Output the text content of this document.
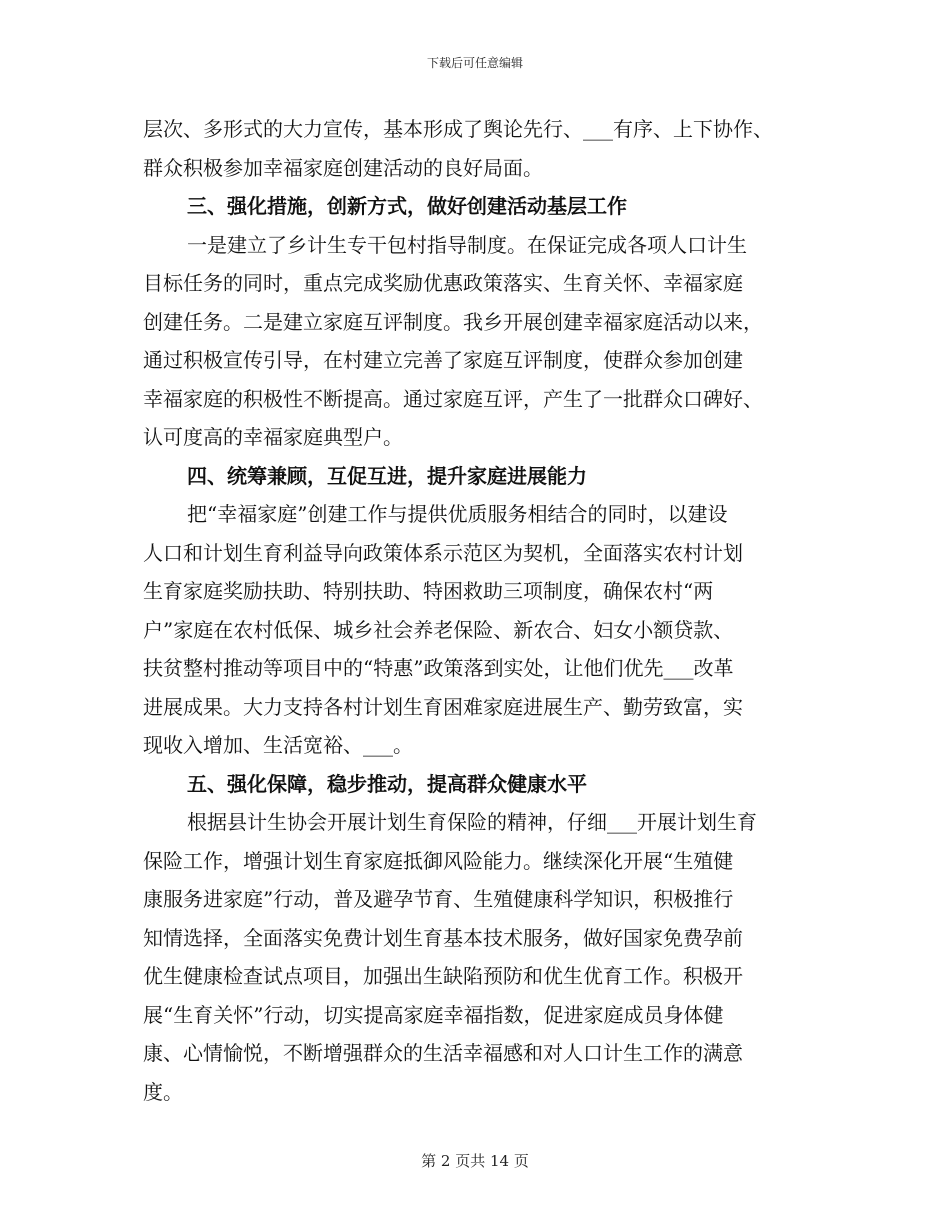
下载后可任意编辑
层次、多形式的大力宣传，基本形成了舆论先行、___有序、上下协作、
群众积极参加幸福家庭创建活动的良好局面。
三、强化措施，创新方式，做好创建活动基层工作
一是建立了乡计生专干包村指导制度。在保证完成各项人口计生
目标任务的同时，重点完成奖励优惠政策落实、生育关怀、幸福家庭
创建任务。二是建立家庭互评制度。我乡开展创建幸福家庭活动以来，
通过积极宣传引导，在村建立完善了家庭互评制度，使群众参加创建
幸福家庭的积极性不断提高。通过家庭互评，产生了一批群众口碑好、
认可度高的幸福家庭典型户。
四、统筹兼顾，互促互进，提升家庭进展能力
把“幸福家庭”创建工作与提供优质服务相结合的同时，以建设
人口和计划生育利益导向政策体系示范区为契机，全面落实农村计划
生育家庭奖励扶助、特别扶助、特困救助三项制度，确保农村“两
户”家庭在农村低保、城乡社会养老保险、新农合、妇女小额贷款、
扶贫整村推动等项目中的“特惠”政策落到实处，让他们优先___改革
进展成果。大力支持各村计划生育困难家庭进展生产、勤劳致富，实
现收入增加、生活宽裕、___。
五、强化保障，稳步推动，提高群众健康水平
根据县计生协会开展计划生育保险的精神，仔细___开展计划生育
保险工作，增强计划生育家庭抵御风险能力。继续深化开展“生殖健
康服务进家庭”行动，普及避孕节育、生殖健康科学知识，积极推行
知情选择，全面落实免费计划生育基本技术服务，做好国家免费孕前
优生健康检查试点项目，加强出生缺陷预防和优生优育工作。积极开
展“生育关怀”行动，切实提高家庭幸福指数，促进家庭成员身体健
康、心情愉悦，不断增强群众的生活幸福感和对人口计生工作的满意
度。
第 2 页共 14 页
